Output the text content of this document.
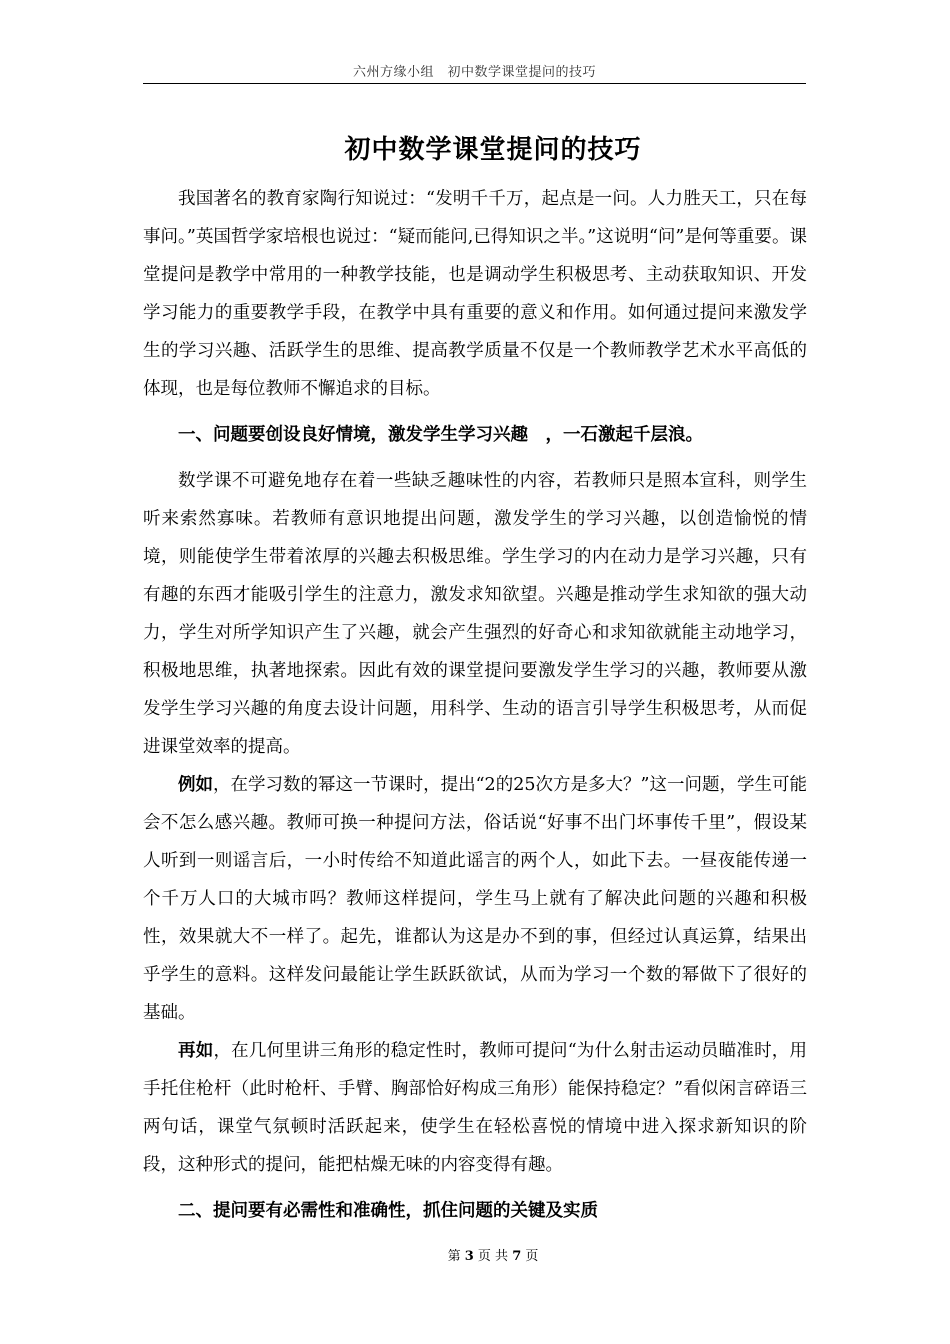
六州方缘小组　初中数学课堂提问的技巧
初中数学课堂提问的技巧

我国著名的教育家陶行知说过：“发明千千万，起点是一问。人力胜天工，只在每事问。”英国哲学家培根也说过：“疑而能问,已得知识之半。”这说明“问”是何等重要。课堂提问是教学中常用的一种教学技能，也是调动学生积极思考、主动获取知识、开发学习能力的重要教学手段，在教学中具有重要的意义和作用。如何通过提问来激发学生的学习兴趣、活跃学生的思维、提高教学质量不仅是一个教师教学艺术水平高低的体现，也是每位教师不懈追求的目标。

一、问题要创设良好情境，激发学生学习兴趣　，一石激起千层浪。

数学课不可避免地存在着一些缺乏趣味性的内容，若教师只是照本宣科，则学生听来索然寡味。若教师有意识地提出问题，激发学生的学习兴趣，以创造愉悦的情境，则能使学生带着浓厚的兴趣去积极思维。学生学习的内在动力是学习兴趣，只有有趣的东西才能吸引学生的注意力，激发求知欲望。兴趣是推动学生求知欲的强大动力，学生对所学知识产生了兴趣，就会产生强烈的好奇心和求知欲就能主动地学习，积极地思维，执著地探索。因此有效的课堂提问要激发学生学习的兴趣，教师要从激发学生学习兴趣的角度去设计问题，用科学、生动的语言引导学生积极思考，从而促进课堂效率的提高。

例如，在学习数的幂这一节课时，提出“2的25次方是多大？”这一问题，学生可能会不怎么感兴趣。教师可换一种提问方法，俗话说“好事不出门坏事传千里”，假设某人听到一则谣言后，一小时传给不知道此谣言的两个人，如此下去。一昼夜能传递一个千万人口的大城市吗？教师这样提问，学生马上就有了解决此问题的兴趣和积极性，效果就大不一样了。起先，谁都认为这是办不到的事，但经过认真运算，结果出乎学生的意料。这样发问最能让学生跃跃欲试，从而为学习一个数的幂做下了很好的基础。

再如，在几何里讲三角形的稳定性时，教师可提问“为什么射击运动员瞄准时，用手托住枪杆（此时枪杆、手臂、胸部恰好构成三角形）能保持稳定？”看似闲言碎语三两句话，课堂气氛顿时活跃起来，使学生在轻松喜悦的情境中进入探求新知识的阶段，这种形式的提问，能把枯燥无味的内容变得有趣。

二、提问要有必需性和准确性，抓住问题的关键及实质

第 3 页 共 7 页
